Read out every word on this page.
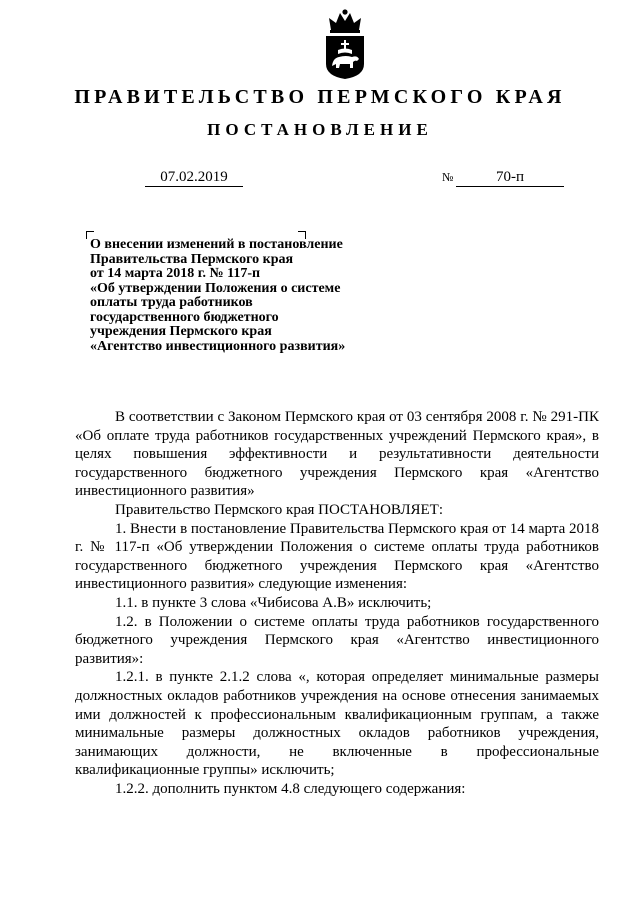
ПРАВИТЕЛЬСТВО ПЕРМСКОГО КРАЯ
ПОСТАНОВЛЕНИЕ
07.02.2019	№	70-п
О внесении изменений в постановление
Правительства Пермского края
от 14 марта 2018 г. № 117-п
«Об утверждении Положения о системе
оплаты труда работников
государственного бюджетного
учреждения Пермского края
«Агентство инвестиционного развития»

В соответствии с Законом Пермского края от 03 сентября 2008 г. № 291-ПК «Об оплате труда работников государственных учреждений Пермского края», в целях повышения эффективности и результативности деятельности государственного бюджетного учреждения Пермского края «Агентство инвестиционного развития»

Правительство Пермского края ПОСТАНОВЛЯЕТ:

1. Внести в постановление Правительства Пермского края от 14 марта 2018 г. № 117-п «Об утверждении Положения о системе оплаты труда работников государственного бюджетного учреждения Пермского края «Агентство инвестиционного развития» следующие изменения:

1.1. в пункте 3 слова «Чибисова А.В» исключить;

1.2. в Положении о системе оплаты труда работников государственного бюджетного учреждения Пермского края «Агентство инвестиционного развития»:

1.2.1. в пункте 2.1.2 слова «, которая определяет минимальные размеры должностных окладов работников учреждения на основе отнесения занимаемых ими должностей к профессиональным квалификационным группам, а также минимальные размеры должностных окладов работников учреждения, занимающих должности, не включенные в профессиональные квалификационные группы» исключить;

1.2.2. дополнить пунктом 4.8 следующего содержания:
